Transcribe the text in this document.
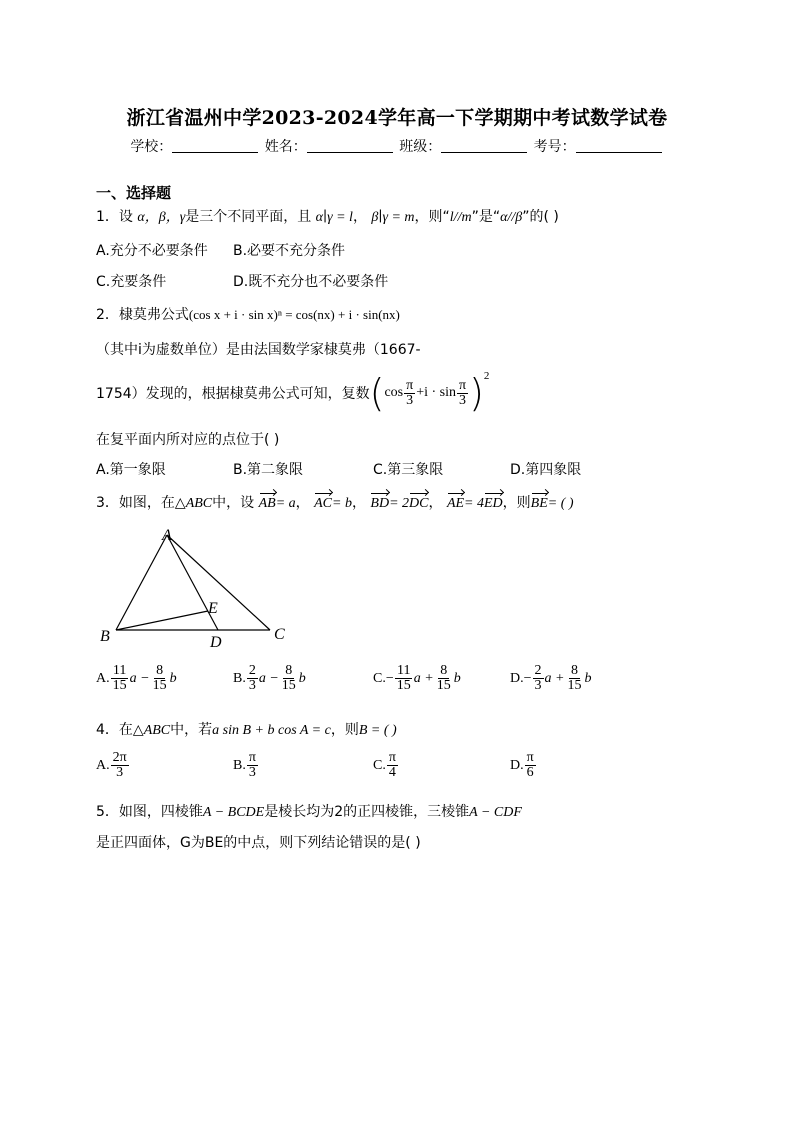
浙江省温州中学2023-2024学年高一下学期期中考试数学试卷
学校：	姓名：	班级：	考号：
一、选择题
1．设 α，β，γ是三个不同平面，且 α∣γ = l， β∣γ = m，则“l//m”是“α//β”的( )
A.充分不必要条件 B.必要不充分条件
C.充要条件	D.既不充分也不必要条件
2．棣莫弗公式(cos x + i · sin x)ⁿ = cos(nx) + i · sin(nx)
（其中i为虚数单位）是由法国数学家棣莫弗（1667-
1754）发现的，根据棣莫弗公式可知，复数 ( $\cos \frac{\pi}{3} +i \cdot \sin \frac{\pi}{3} )^2$
在复平面内所对应的点位于( )
A.第一象限	B.第二象限	C.第三象限	D.第四象限
3．如图，在△ABC中，设 AB= a， AC= b， BD= 2DC， AE= 4ED，则BE= ( )
A
B	C
D
E
A. $\frac{11}{15}$ $a - \frac{8}{15}$ b	B. $\frac{2}{3}$ $a - \frac{8}{15}$ b	C. − $\frac{11}{15}$ $a + \frac{8}{15}$ b	D. − $\frac{2}{3}$ $a + \frac{8}{15}$ b
4．在△ABC中，若a sin B + b cos A = c，则B = ( )
A. $\frac{2\pi}{3}$	B. $\frac{\pi}{3}$	C. $\frac{\pi}{4}$	D. $\frac{\pi}{6}$
5．如图，四棱锥A − BCDE是棱长均为2的正四棱锥，三棱锥A − CDF
是正四面体，G为BE的中点，则下列结论错误的是( )
